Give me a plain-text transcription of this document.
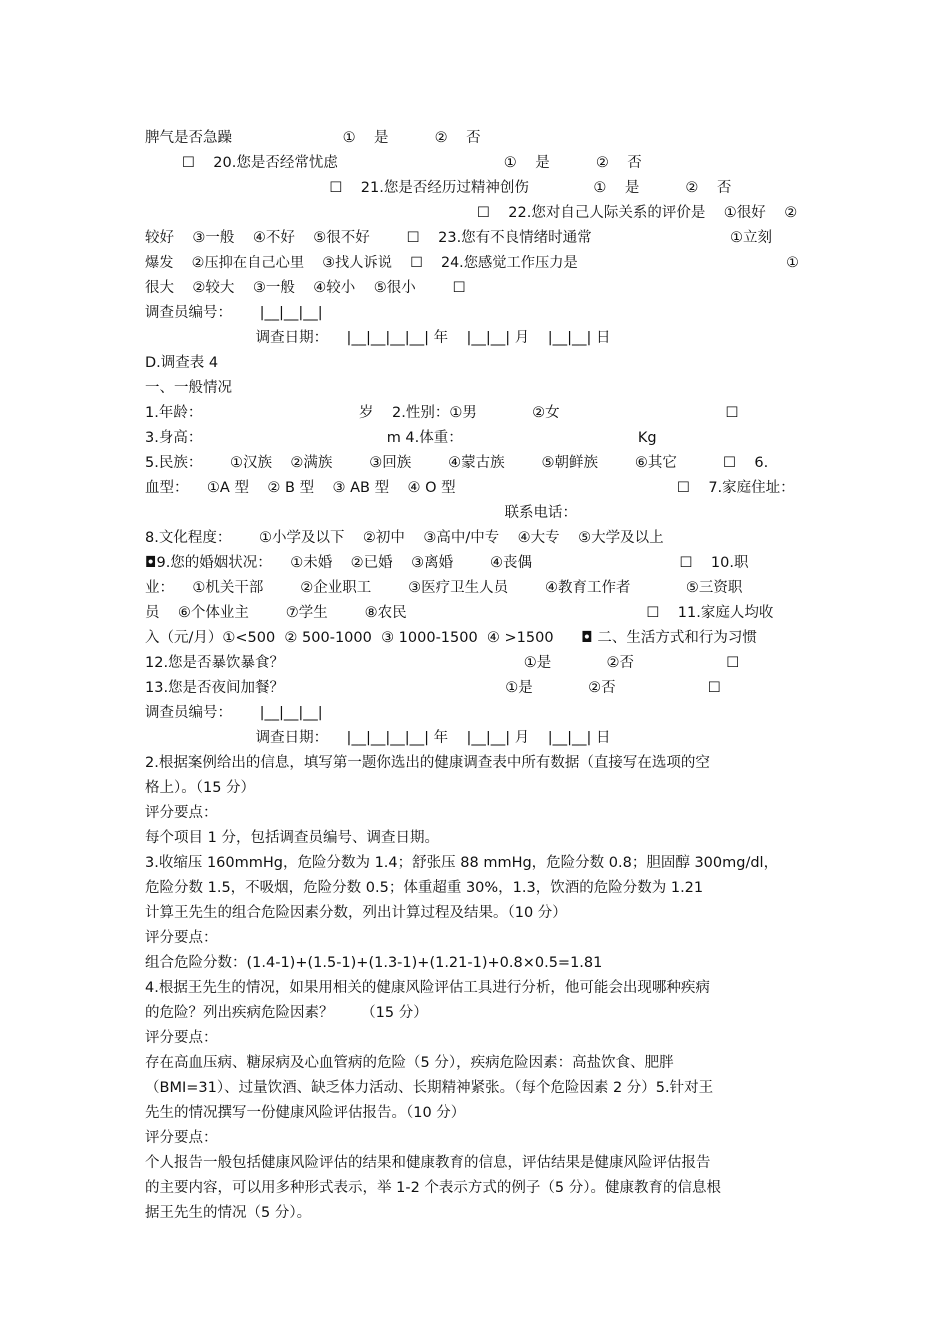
脾气是否急躁                        ①    是          ②    否
☐    20.您是否经常忧虑                                    ①    是          ②    否
☐    21.您是否经历过精神创伤              ①    是          ②    否
☐    22.您对自己人际关系的评价是    ①很好    ②
较好    ③一般    ④不好    ⑤很不好        ☐    23.您有不良情绪时通常                              ①立刻
爆发    ②压抑在自己心里    ③找人诉说    ☐    24.您感觉工作压力是                                              ①
很大    ②较大    ③一般    ④较小    ⑤很小        ☐
调查员编号：      |__|__|__|
调查日期：    |__|__|__|__| 年    |__|__| 月    |__|__| 日
D.调查表 4
一、一般情况
1.年龄：                                  岁    2.性别：①男            ②女                                    ☐
3.身高：                                        m 4.体重：                                      Kg
5.民族：      ①汉族    ②满族        ③回族        ④蒙古族        ⑤朝鲜族        ⑥其它          ☐    6.
血型：    ①A 型    ② B 型    ③ AB 型    ④ O 型                                                ☐    7.家庭住址：
联系电话：
8.文化程度：      ①小学及以下    ②初中    ③高中/中专    ④大专    ⑤大学及以上
◘9.您的婚姻状况：    ①未婚    ②已婚    ③离婚        ④丧偶                                ☐    10.职
业：    ①机关干部        ②企业职工        ③医疗卫生人员        ④教育工作者            ⑤三资职
员    ⑥个体业主        ⑦学生        ⑧农民                                                    ☐    11.家庭人均收
入（元/月）①<500  ② 500-1000  ③ 1000-1500  ④ >1500      ◘ 二、生活方式和行为习惯
12.您是否暴饮暴食？                                                    ①是            ②否                    ☐
13.您是否夜间加餐？                                                ①是            ②否                    ☐
调查员编号：      |__|__|__|
调查日期：    |__|__|__|__| 年    |__|__| 月    |__|__| 日
2.根据案例给出的信息，填写第一题你选出的健康调查表中所有数据（直接写在选项的空
格上）。（15 分）
评分要点：
每个项目 1 分，包括调查员编号、调查日期。
3.收缩压 160mmHg，危险分数为 1.4；舒张压 88 mmHg，危险分数 0.8；胆固醇 300mg/dl，
危险分数 1.5，不吸烟，危险分数 0.5；体重超重 30%，1.3，饮酒的危险分数为 1.21
计算王先生的组合危险因素分数，列出计算过程及结果。（10 分）
评分要点：
组合危险分数：(1.4-1)+(1.5-1)+(1.3-1)+(1.21-1)+0.8×0.5=1.81
4.根据王先生的情况，如果用相关的健康风险评估工具进行分析，他可能会出现哪种疾病
的危险？列出疾病危险因素？      （15 分）
评分要点：
存在高血压病、糖尿病及心血管病的危险（5 分），疾病危险因素：高盐饮食、肥胖
（BMI=31）、过量饮酒、缺乏体力活动、长期精神紧张。（每个危险因素 2 分）5.针对王
先生的情况撰写一份健康风险评估报告。（10 分）
评分要点：
个人报告一般包括健康风险评估的结果和健康教育的信息，评估结果是健康风险评估报告
的主要内容，可以用多种形式表示，举 1-2 个表示方式的例子（5 分）。健康教育的信息根
据王先生的情况（5 分）。
